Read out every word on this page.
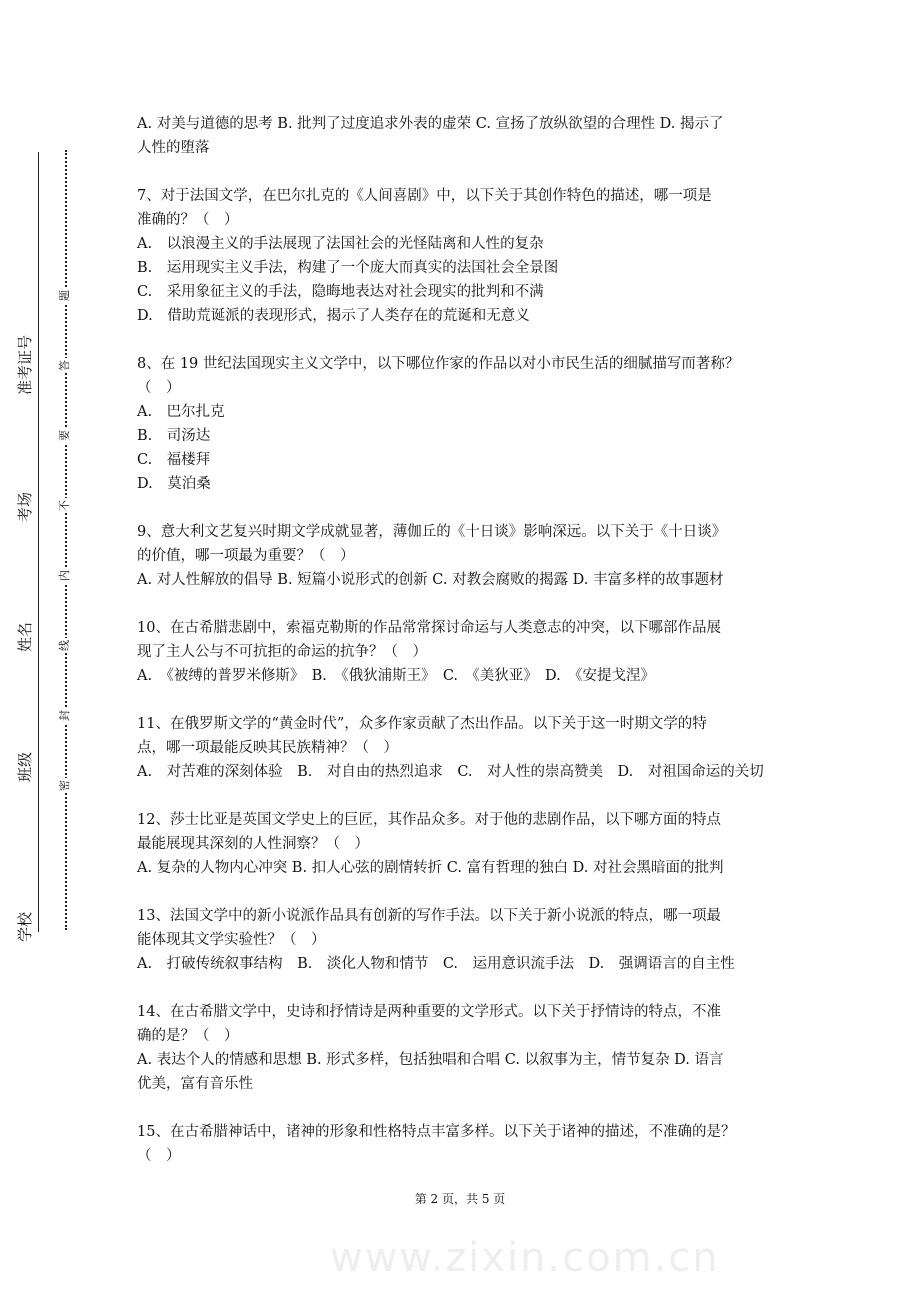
准考证号
考场
姓名
班级
学校
题
答
要
不
内
线
封
密
A. 对美与道德的思考 B. 批判了过度追求外表的虚荣 C. 宣扬了放纵欲望的合理性 D. 揭示了
人性的堕落
7、对于法国文学，在巴尔扎克的《人间喜剧》中，以下关于其创作特色的描述，哪一项是
准确的？（　）
A.　以浪漫主义的手法展现了法国社会的光怪陆离和人性的复杂
B.　运用现实主义手法，构建了一个庞大而真实的法国社会全景图
C.　采用象征主义的手法，隐晦地表达对社会现实的批判和不满
D.　借助荒诞派的表现形式，揭示了人类存在的荒诞和无意义
8、在 19 世纪法国现实主义文学中，以下哪位作家的作品以对小市民生活的细腻描写而著称？
（　）
A.　巴尔扎克
B.　司汤达
C.　福楼拜
D.　莫泊桑
9、意大利文艺复兴时期文学成就显著，薄伽丘的《十日谈》影响深远。以下关于《十日谈》
的价值，哪一项最为重要？（　）
A. 对人性解放的倡导 B. 短篇小说形式的创新 C. 对教会腐败的揭露 D. 丰富多样的故事题材
10、在古希腊悲剧中，索福克勒斯的作品常常探讨命运与人类意志的冲突，以下哪部作品展
现了主人公与不可抗拒的命运的抗争？（　）
A.　《被缚的普罗米修斯》　B.　《俄狄浦斯王》　C.　《美狄亚》　D.　《安提戈涅》
11、在俄罗斯文学的“黄金时代”，众多作家贡献了杰出作品。以下关于这一时期文学的特
点，哪一项最能反映其民族精神？（　）
A.　对苦难的深刻体验　B.　对自由的热烈追求　C.　对人性的崇高赞美　D.　对祖国命运的关切
12、莎士比亚是英国文学史上的巨匠，其作品众多。对于他的悲剧作品，以下哪方面的特点
最能展现其深刻的人性洞察？（　）
A. 复杂的人物内心冲突 B. 扣人心弦的剧情转折 C. 富有哲理的独白 D. 对社会黑暗面的批判
13、法国文学中的新小说派作品具有创新的写作手法。以下关于新小说派的特点，哪一项最
能体现其文学实验性？（　）
A.　打破传统叙事结构　B.　淡化人物和情节　C.　运用意识流手法　D.　强调语言的自主性
14、在古希腊文学中，史诗和抒情诗是两种重要的文学形式。以下关于抒情诗的特点，不准
确的是？（　）
A. 表达个人的情感和思想 B. 形式多样，包括独唱和合唱 C. 以叙事为主，情节复杂 D. 语言
优美，富有音乐性
15、在古希腊神话中，诸神的形象和性格特点丰富多样。以下关于诸神的描述，不准确的是？
（　）
第 2 页，共 5 页
www.zixin.com.cn
